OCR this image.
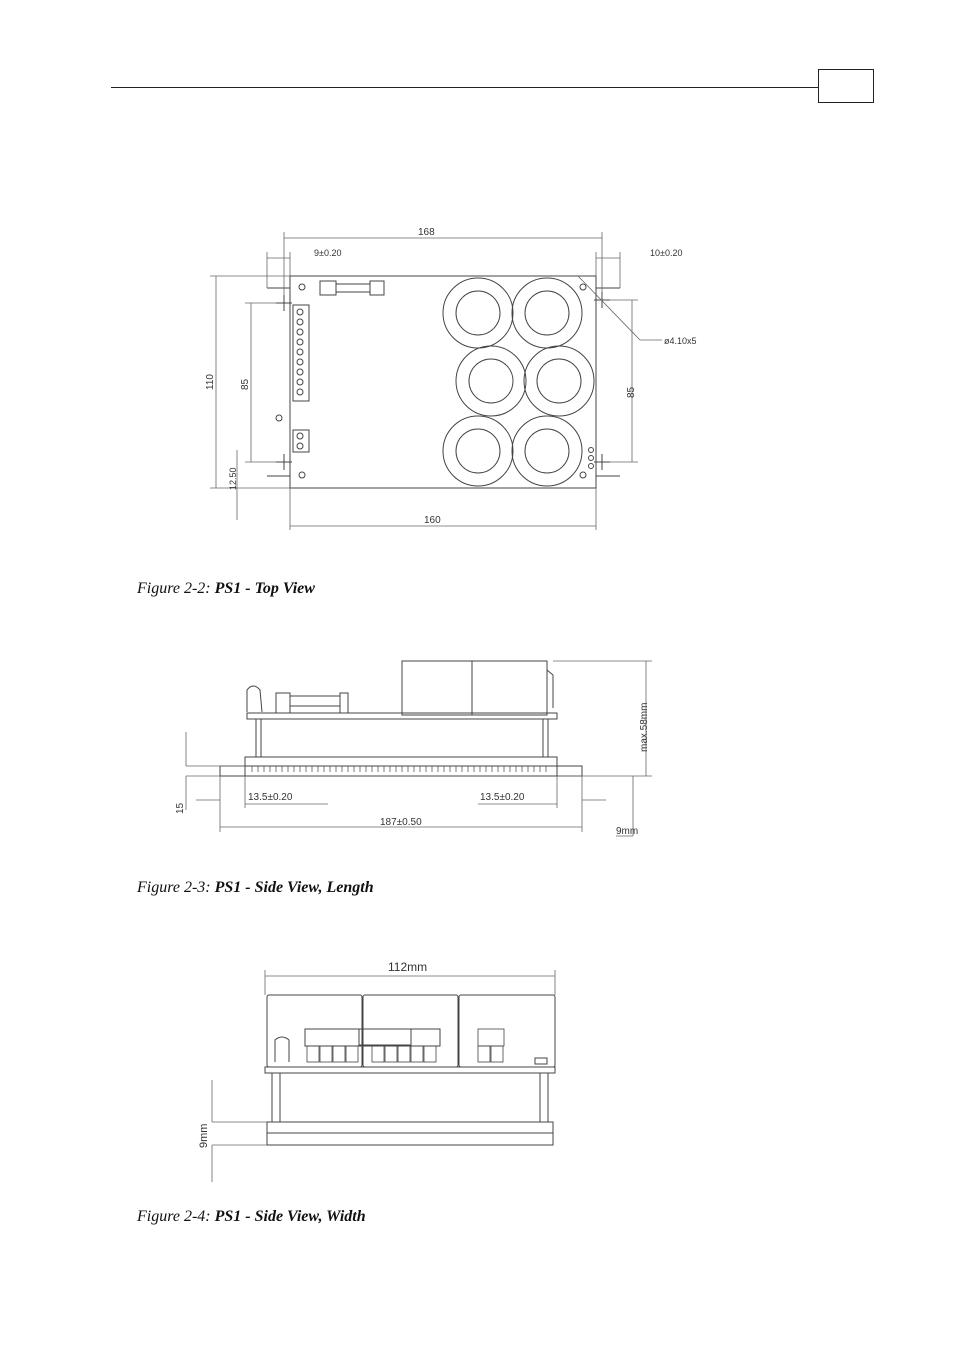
168
9±0.20	10±0.20
110 85
85
12.50
ø4.10x5
160
max.58mm
13.5±0.20	13.5±0.20
187±0.50
15
9mm
112mm
9mm
Figure 2-2: PS1 - Top View
Figure 2-3: PS1 - Side View, Length
Figure 2-4: PS1 - Side View, Width
